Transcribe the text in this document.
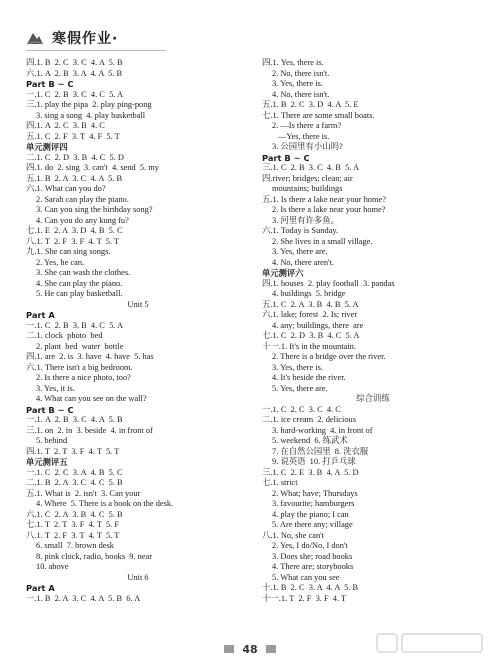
寒假作业·
四.1. B  2. C  3. C  4. A  5. B
六.1. A  2. B  3. A  4. A  5. B
Part B ~ C
一.1. C  2. B  3. C  4. C  5. A
三.1. play the pipa  2. play ping-pong
3. sing a song  4. play basketball
四.1. A  2. C  3. B  4. C
五.1. C  2. F  3. T  4. F  5. T
单元测评四
二.1. C  2. D  3. B  4. C  5. D
四.1. do  2. sing  3. can't  4. send  5. my
五.1. B  2. A  3. C  4. A  5. B
六.1. What can you do?
2. Sarah can play the piano.
3. Can you sing the birthday song?
4. Can you do any kung fu?
七.1. E  2. A  3. D  4. B  5. C
八.1. T  2. F  3. F  4. T  5. T
九.1. She can sing songs.
2. Yes, he can.
3. She can wash the clothes.
4. She can play the piano.
5. He can play basketball.
Unit 5
Part A
一.1. C  2. B  3. B  4. C  5. A
二.1. clock  photo  bed
2. plant  bed  water  bottle
四.1. are  2. is  3. have  4. have  5. has
六.1. There isn't a big bedroom.
2. Is there a nice photo, too?
3. Yes, it is.
4. What can you see on the wall?
Part B ~ C
一.1. A  2. B  3. C  4. A  5. B
三.1. on  2. in  3. beside  4. in front of
5. behind
四.1. T  2. T  3. F  4. T  5. T
单元测评五
一.1. C  2. C  3. A  4. B  5. C
二.1. B  2. A  3. C  4. C  5. B
五.1. What is  2. isn't  3. Can your
4. Where  5. There is a book on the desk.
六.1. C  2. A  3. B  4. C  5. B
七.1. T  2. T  3. F  4. T  5. F
八.1. T  2. F  3. T  4. T  5. T
6. small  7. brown desk
8. pink clock, radio, books  9. near
10. above
Unit 6
Part A
一.1. B  2. A  3. C  4. A  5. B  6. A
四.1. Yes, there is.
2. No, there isn't.
3. Yes, there is.
4. No, there isn't.
五.1. B  2. C  3. D  4. A  5. E
七.1. There are some small boats.
2. —Is there a farm?
—Yes, there is.
3. 公园里有小山吗?
Part B ~ C
三.1. C  2. B  3. C  4. B  5. A
四.river; bridges; clean; air
mountains; buildings
五.1. Is there a lake near your home?
2. Is there a lake near your home?
3. 河里有许多鱼。
六.1. Today is Sunday.
2. She lives in a small village.
3. Yes, there are.
4. No, there aren't.
单元测评六
四.1. houses  2. play football  3. pandas
4. buildings  5. bridge
五.1. C  2. A  3. B  4. B  5. A
六.1. lake; forest  2. Is; river
4. any; buildings, there  are
七.1. C  2. D  3. B  4. C  5. A
十一.1. It's in the mountain.
2. There is a bridge over the river.
3. Yes, there is.
4. It's beside the river.
5. Yes, there are.
综合训练
一.1. C  2. C  3. C  4. C
二.1. ice cream  2. delicious
3. hard-working  4. in front of
5. weekend  6. 练武术
7. 在自然公园里  8. 洗衣服
9. 说英语  10. 打乒乓球
三.1. C  2. E  3. B  4. A  5. D
七.1. strict
2. What; have; Thursdays
3. favourite; hamburgers
4. play the piano; I can
5. Are there any; village
八.1. No, she can't
2. Yes, I do/No, I don't
3. Does she; road books
4. There are; storybooks
5. What can you see
十.1. B  2. C  3. A  4. A  5. B
十一.1. T  2. F  3. F  4. T
48
